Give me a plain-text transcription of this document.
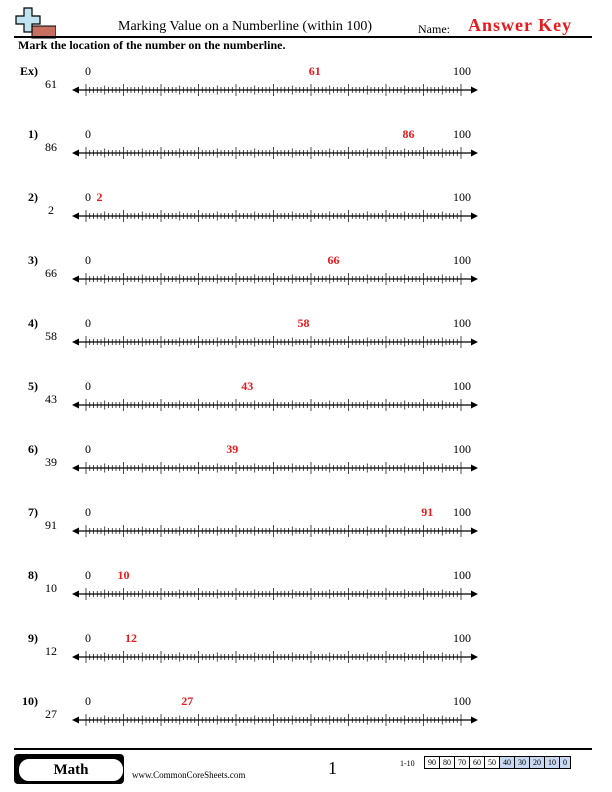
Marking Value on a Numberline (within 100)	Name: Answer Key
Mark the location of the number on the numberline.
Ex)
61
0	100
61
1)
86
0	100
86
2)
2
0	100
2
3)
66
0	100
66
4)
58
0	100
58
5)
43
0	100
43
6)
39
0	100
39
7)
91
0	100
91
8)
10
0	100
10
9)
12
0	100
12
10)
27
0	100
27
Math	www.CommonCoreSheets.com	1	1-10 90	80	70	60	50	40	30	20	10	0
